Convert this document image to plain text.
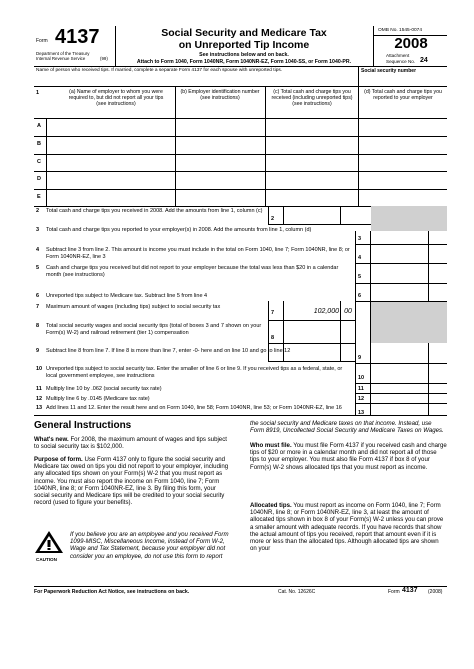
Form 4137
Department of the Treasury
Internal Revenue Service	(99)
Social Security and Medicare Tax
on Unreported Tip Income
See instructions below and on back.
Attach to Form 1040, Form 1040NR, Form 1040NR-EZ, Form 1040-SS, or Form 1040-PR.
OMB No. 1545-0074
2008
Attachment
Sequence No. 24
Name of person who received tips. If married, complete a separate Form 4137 for each spouse with unreported tips.	Social security number
1	(a) Name of employer to whom you were required to, but did not report all your tips (see instructions)
(b) Employer identification number (see instructions)
(c) Total cash and charge tips you received (including unreported tips) (see instructions)
(d) Total cash and charge tips you reported to your employer
A
B
C
D
E
2
2 Total cash and charge tips you received in 2008. Add the amounts from line 1, column (c)
3 Total cash and charge tips you reported to your employer(s) in 2008. Add the amounts from line 1, column (d)
3
4 Subtract line 3 from line 2. This amount is income you must include in the total on Form 1040, line 7; Form 1040NR, line 8; or Form 1040NR-EZ, line 3	4
5 Cash and charge tips you received but did not report to your employer because the total was less than $20 in a calendar month (see instructions)	5
6 Unreported tips subject to Medicare tax. Subtract line 5 from line 4	6
7 Maximum amount of wages (including tips) subject to social security tax
7	102,000 00
8 Total social security wages and social security tips (total of boxes 3 and 7 shown on your Form(s) W-2) and railroad retirement (tier 1) compensation
8
9 Subtract line 8 from line 7. If line 8 is more than line 7, enter -0- here and on line 10 and go to line 12
9
10 Unreported tips subject to social security tax. Enter the smaller of line 6 or line 9. If you received tips as a federal, state, or local government employee, see instructions	10
11 Multiply line 10 by .062 (social security tax rate)	11
12 Multiply line 6 by .0145 (Medicare tax rate)	12
13 Add lines 11 and 12. Enter the result here and on Form 1040, line 58; Form 1040NR, line 53; or Form 1040NR-EZ, line 16
13
General Instructions
What's new. For 2008, the maximum amount of wages and tips subject to social security tax is $102,000.
Purpose of form. Use Form 4137 only to figure the social security and Medicare tax owed on tips you did not report to your employer, including any allocated tips shown on your Form(s) W-2 that you must report as income. You must also report the income on Form 1040, line 7; Form 1040NR, line 8; or Form 1040NR-EZ, line 3. By filing this form, your social security and Medicare tips will be credited to your social security record (used to figure your benefits).
CAUTION
If you believe you are an employee and you received Form 1099-MISC, Miscellaneous Income, instead of Form W-2, Wage and Tax Statement, because your employer did not consider you an employee, do not use this form to report
the social security and Medicare taxes on that income. Instead, use Form 8919, Uncollected Social Security and Medicare Taxes on Wages.
Who must file. You must file Form 4137 if you received cash and charge tips of $20 or more in a calendar month and did not report all of those tips to your employer. You must also file Form 4137 if box 8 of your Form(s) W-2 shows allocated tips that you must report as income.
Allocated tips. You must report as income on Form 1040, line 7; Form 1040NR, line 8; or Form 1040NR-EZ, line 3, at least the amount of allocated tips shown in box 8 of your Form(s) W-2 unless you can prove a smaller amount with adequate records. If you have records that show the actual amount of tips you received, report that amount even if it is more or less than the allocated tips. Although allocated tips are shown on your
For Paperwork Reduction Act Notice, see instructions on back.	Cat. No. 12626C	Form 4137 (2008)
